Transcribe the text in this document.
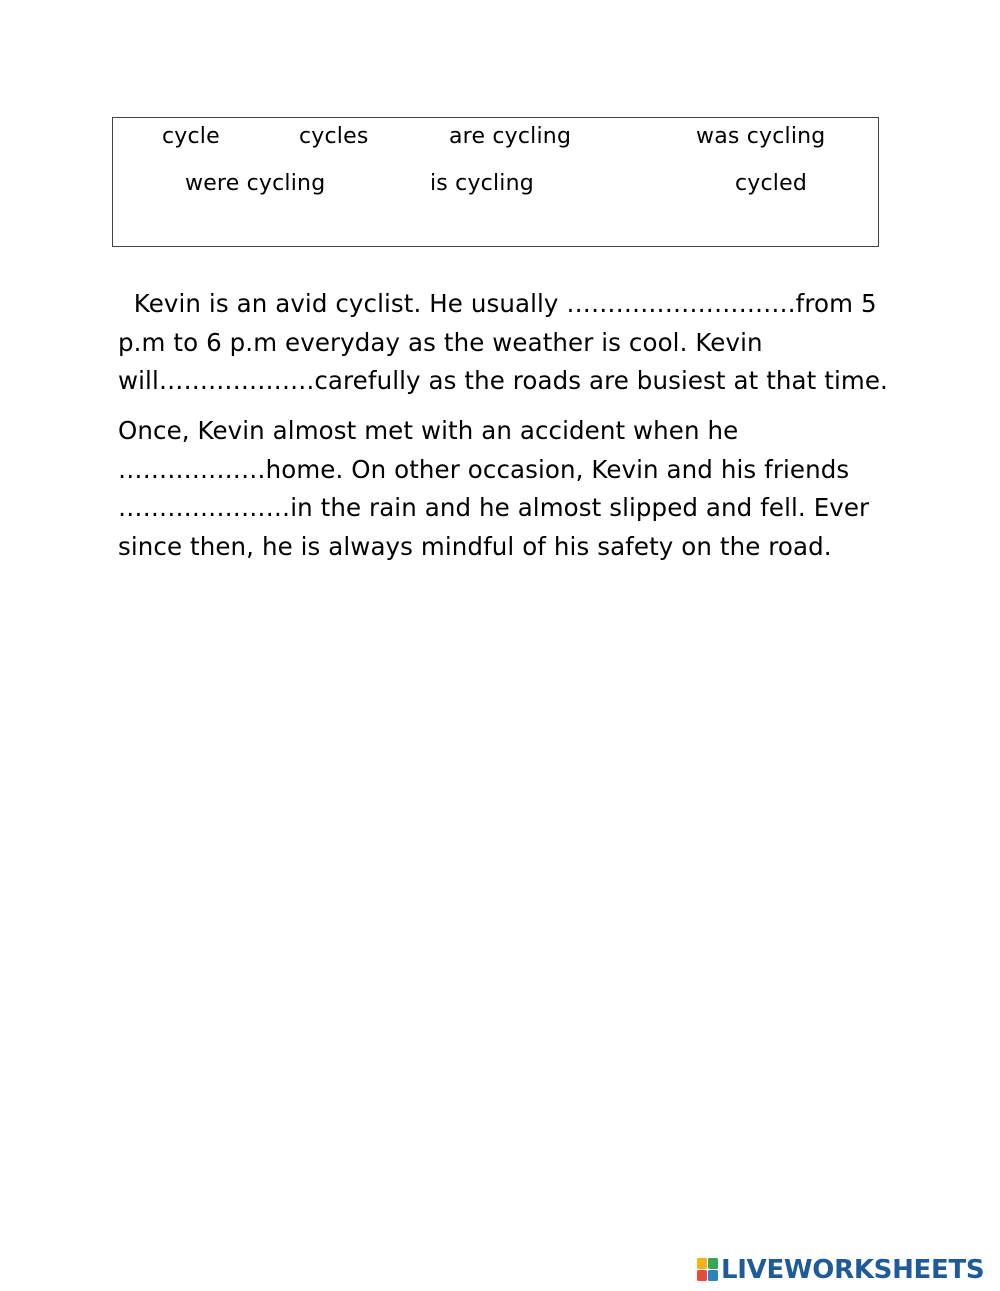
cycle	cycles	are cycling	was cycling
were cycling	is cycling	cycled
Kevin is an avid cyclist. He usually ……………………….from 5
p.m to 6 p.m everyday as the weather is cool. Kevin
will……………….carefully as the roads are busiest at that time.
Once, Kevin almost met with an accident when he
………………home. On other occasion, Kevin and his friends
…………………in the rain and he almost slipped and fell. Ever
since then, he is always mindful of his safety on the road.
LIVEWORKSHEETS
